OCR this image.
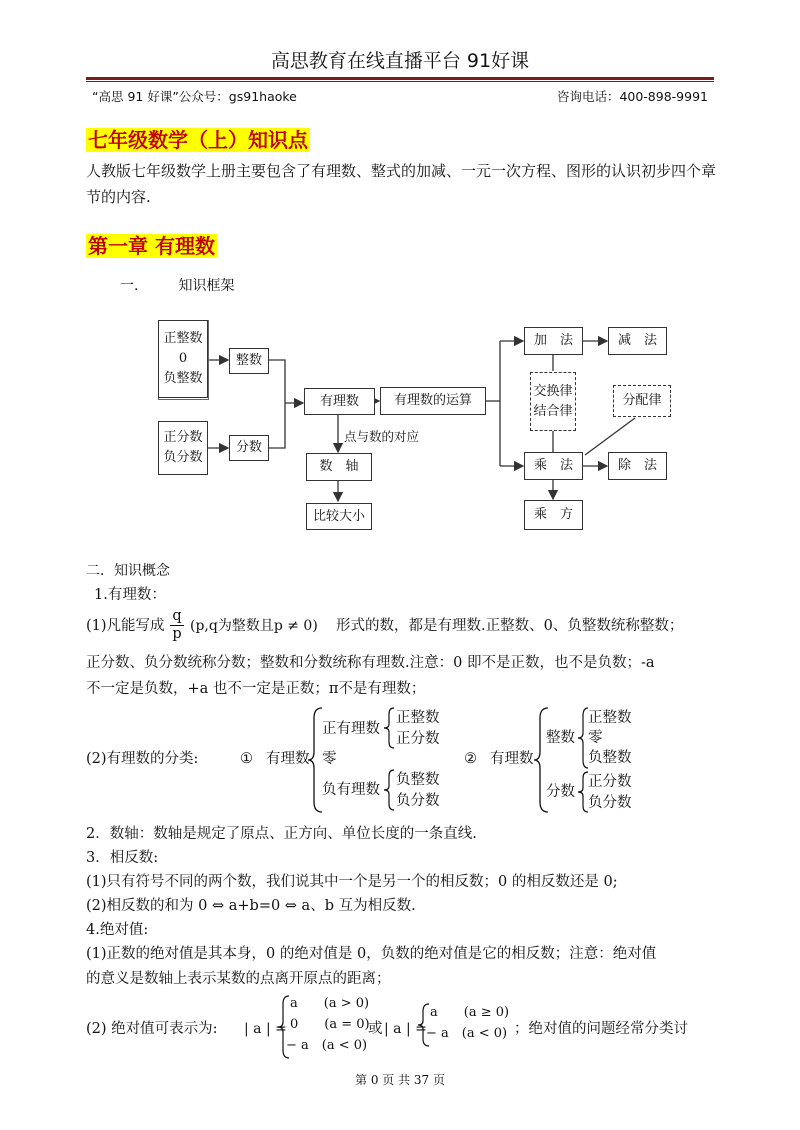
高思教育在线直播平台 91好课
“高思 91 好课”公众号：gs91haoke	咨询电话：400-898-9991
七年级数学（上）知识点
人教版七年级数学上册主要包含了有理数、整式的加减、一元一次方程、图形的认识初步四个章节的内容.
第一章 有理数
一.	知识框架
正整数
0
负整数
整数
正分数
负分数
分数
有理数	有理数的运算
点与数的对应
数　轴
比较大小
加　法	减　法
交换律
结合律
分配律
乘　法	除　法
乘　方
二．知识概念
1.有理数：
(1)凡能写成 $\frac{q}{p} (p,q$为整数且p ≠ 0) 形式的数，都是有理数.正整数、0、负整数统称整数；
正分数、负分数统称分数；整数和分数统称有理数.注意：0 即不是正数，也不是负数；-a
不一定是负数，+a 也不一定是正数；π不是有理数；
(2)有理数的分类:	① 有理数
正有理数
正整数
正分数
零
负有理数
负整数
负分数
② 有理数
整数
正整数
零
负整数
分数
正分数
负分数
2．数轴：数轴是规定了原点、正方向、单位长度的一条直线.
3．相反数:
(1)只有符号不同的两个数，我们说其中一个是另一个的相反数；0 的相反数还是 0;
(2)相反数的和为 0 ⇔ a+b=0 ⇔ a、b 互为相反数.
4.绝对值:
(1)正数的绝对值是其本身，0 的绝对值是 0，负数的绝对值是它的相反数；注意：绝对值
的意义是数轴上表示某数的点离开原点的距离；
(2) 绝对值可表示为: | a | =
a　　(a > 0)
0　　(a = 0)
− a　(a < 0)
或 | a | =
a　　(a ≥ 0)
− a　(a < 0) ；绝对值的问题经常分类讨
第 0 页 共 37 页
